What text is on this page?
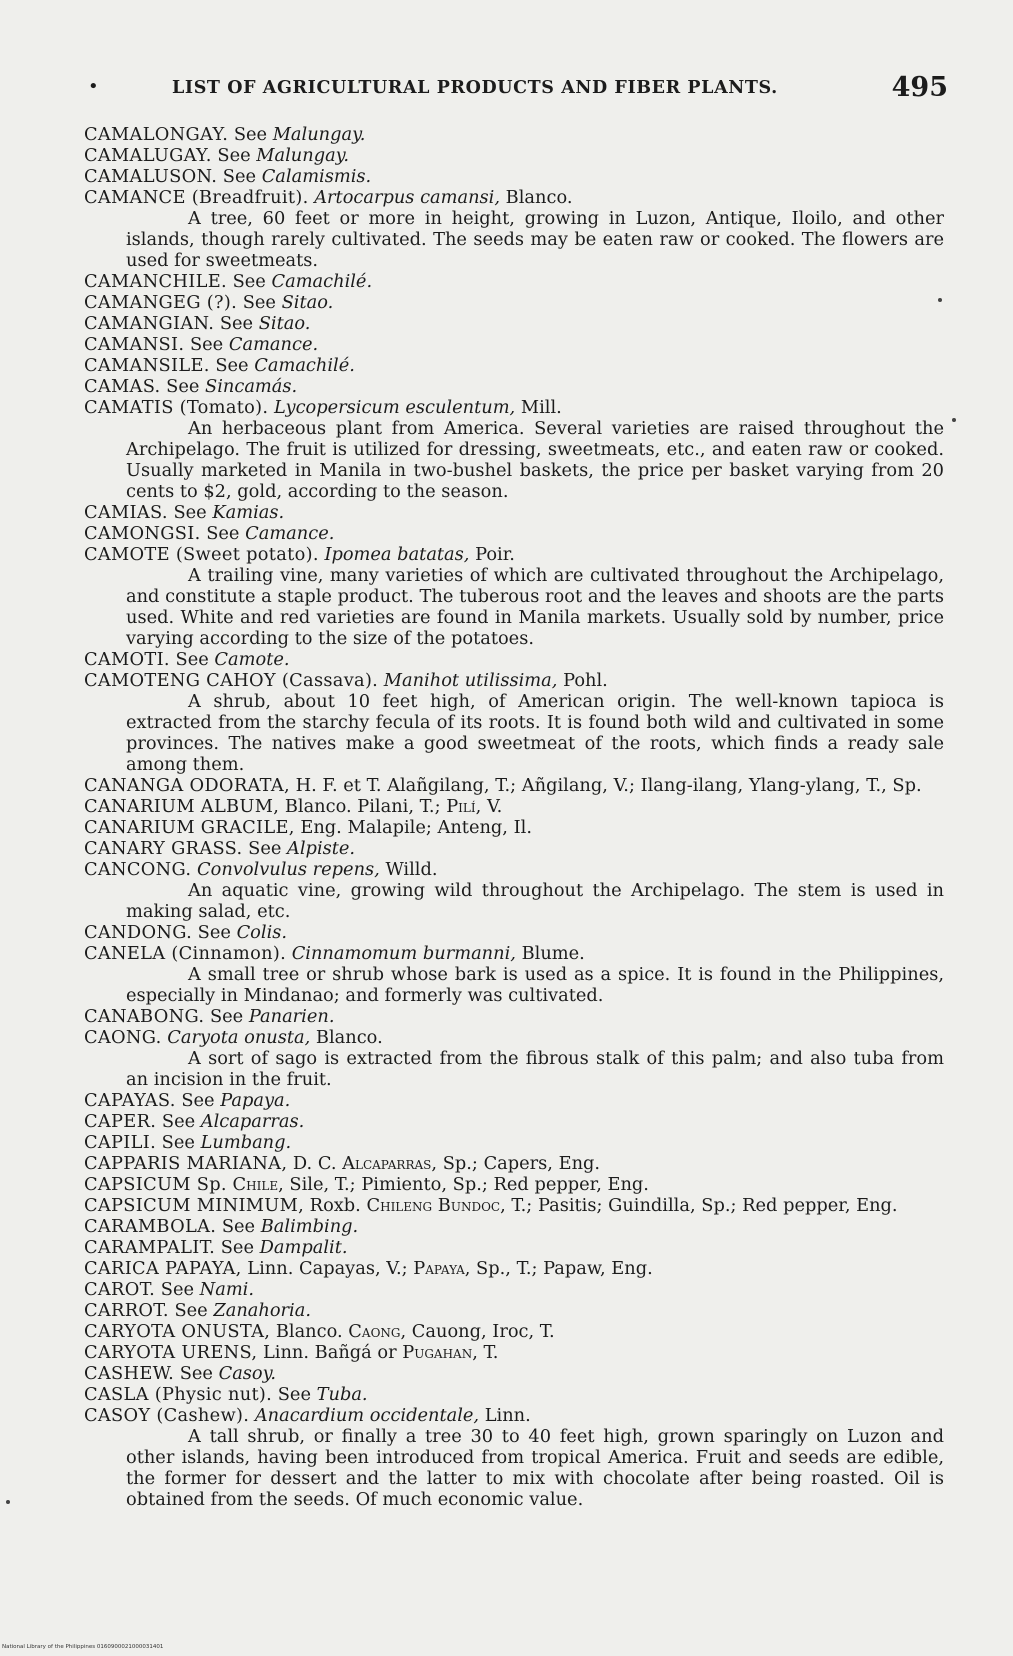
•	LIST OF AGRICULTURAL PRODUCTS AND FIBER PLANTS.	495

CAMALONGAY. See Malungay.

CAMALUGAY. See Malungay.

CAMALUSON. See Calamismis.

CAMANCE (Breadfruit). Artocarpus camansi, Blanco.

A tree, 60 feet or more in height, growing in Luzon, Antique, Iloilo, and other islands, though rarely cultivated. The seeds may be eaten raw or cooked. The flowers are used for sweetmeats.

CAMANCHILE. See Camachilé.

CAMANGEG (?). See Sitao.

CAMANGIAN. See Sitao.

CAMANSI. See Camance.

CAMANSILE. See Camachilé.

CAMAS. See Sincamás.

CAMATIS (Tomato). Lycopersicum esculentum, Mill.

An herbaceous plant from America. Several varieties are raised throughout the Archipelago. The fruit is utilized for dressing, sweetmeats, etc., and eaten raw or cooked. Usually marketed in Manila in two-bushel baskets, the price per basket varying from 20 cents to $2, gold, according to the season.

CAMIAS. See Kamias.

CAMONGSI. See Camance.

CAMOTE (Sweet potato). Ipomea batatas, Poir.

A trailing vine, many varieties of which are cultivated throughout the Archipelago, and constitute a staple product. The tuberous root and the leaves and shoots are the parts used. White and red varieties are found in Manila markets. Usually sold by number, price varying according to the size of the potatoes.

CAMOTI. See Camote.

CAMOTENG CAHOY (Cassava). Manihot utilissima, Pohl.

A shrub, about 10 feet high, of American origin. The well-known tapioca is extracted from the starchy fecula of its roots. It is found both wild and cultivated in some provinces. The natives make a good sweetmeat of the roots, which finds a ready sale among them.

CANANGA ODORATA, H. F. et T. Alañgilang, T.; Añgilang, V.; Ilang-ilang, Ylang-ylang, T., Sp.

CANARIUM ALBUM, Blanco. Pilani, T.; Pilí, V.

CANARIUM GRACILE, Eng. Malapile; Anteng, Il.

CANARY GRASS. See Alpiste.

CANCONG. Convolvulus repens, Willd.

An aquatic vine, growing wild throughout the Archipelago. The stem is used in making salad, etc.

CANDONG. See Colis.

CANELA (Cinnamon). Cinnamomum burmanni, Blume.

A small tree or shrub whose bark is used as a spice. It is found in the Philippines, especially in Mindanao; and formerly was cultivated.

CANABONG. See Panarien.

CAONG. Caryota onusta, Blanco.

A sort of sago is extracted from the fibrous stalk of this palm; and also tuba from an incision in the fruit.

CAPAYAS. See Papaya.

CAPER. See Alcaparras.

CAPILI. See Lumbang.

CAPPARIS MARIANA, D. C. Alcaparras, Sp.; Capers, Eng.

CAPSICUM Sp. Chile, Sile, T.; Pimiento, Sp.; Red pepper, Eng.

CAPSICUM MINIMUM, Roxb. Chileng Bundoc, T.; Pasitis; Guindilla, Sp.; Red pepper, Eng.

CARAMBOLA. See Balimbing.

CARAMPALIT. See Dampalit.

CARICA PAPAYA, Linn. Capayas, V.; Papaya, Sp., T.; Papaw, Eng.

CAROT. See Nami.

CARROT. See Zanahoria.

CARYOTA ONUSTA, Blanco. Caong, Cauong, Iroc, T.

CARYOTA URENS, Linn. Bañgá or Pugahan, T.

CASHEW. See Casoy.

CASLA (Physic nut). See Tuba.

CASOY (Cashew). Anacardium occidentale, Linn.

A tall shrub, or finally a tree 30 to 40 feet high, grown sparingly on Luzon and other islands, having been introduced from tropical America. Fruit and seeds are edible, the former for dessert and the latter to mix with chocolate after being roasted. Oil is obtained from the seeds. Of much economic value.

National Library of the Philippines 0160900021000031401
